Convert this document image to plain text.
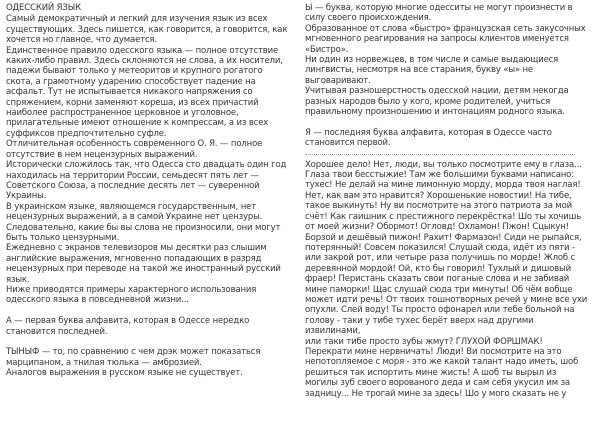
ОДЕССКИЙ ЯЗЫК

Самый демократичный и легкий для изучения язык из всех
существующих. Здесь пишется, как говорится, а говорится, как
хочется но главное, что думается.

Единственное правило одесского языка — полное отсутствие
каких-либо правил. Здесь склоняются не слова, а их носители,
падежи бывают только у метеоритов и крупного рогатого
скота, а грамотному ударению способствует падение на
асфальт. Тут не испытывается никакого напряжения со
спряжением, корни заменяют кореша, из всех причастий
наиболее распространенное церковное и уголовное,
прилагательные имеют отношение к компрессам, а из всех
суффиксов предпочтительно суфле.

Отличительная особенность современного О. Я. — полное
отсутствие в нем нецензурных выражений.

Исторически сложилось так, что Одесса сто двадцать один год
находилась на территории России, семьдесят пять лет —
Советского Союза, а последние десять лет — суверенной
Украины.

В украинском языке, являющемся государственным, нет
нецензурных выражений, а в самой Украине нет цензуры.
Следовательно, какие бы вы слова не произносили, они могут
быть только цензурными.

Ежедневно с экранов телевизоров мы десятки раз слышим
английские выражения, мгновенно попадающих в разряд
нецензурных при переводе на такой же иностранный русский
язык.

Ниже приводятся примеры характерного использования
одесского языка в повседневной жизни...

А — первая буква алфавита, которая в Одессе нередко
становится последней.

ТЫНЫФ — то, по сравнению с чем дрэк может показаться
марципаном, а тнилая тюлька — амброзией.

Аналогов выражения в русском языке не существует.

Ы — буква, которую многие одесситы не могут произнести в
силу своего происхождения.

Образованное от слова «быстро» французская сеть закусочных
мгновенного реагирования на запросы клиентов именуется
«Бистро».

Ни один из норвежцев, в том числе и самые выдающиеся
лингвисты, несмотря на все старания, букву «ы» не
выговаривают.

Учитывая разношерстность одесской нации, детям некогда
разных народов было у кого, кроме родителей, учиться
правильному произношению и интонациям родного языка.

Я — последняя буква алфавита, которая в Одессе часто
становится первой.

Хорошее дело! Нет, люди, вы только посмотрите ему в глаза...
Глаза твои бесстыжие! Там же большими буквами написано:
тухес! Не делай на мине лимонную морду, морда твоя наглая!
Нет, как вам это нравится? Хорошенькие новостии! На тибе,
такое выкинуть! Ну ви посмотрите на этого патриота за мой
счёт! Как гаишник с престижного перекрёстка! Шо ты хочишь
от моей жизни? Обормот! Огловд! Охламон! Пжон! Сцыкун!
Борзой и дешёвый пижон! Рахит! Фармазон! Сиди не рыпайся,
потерянный! Совсем показился! Слушай сюда, идёт из пяти -
или закрой рот, или четыре раза получишь по морде! Жлоб с
деревянной мордой! Ой, кто бы говорил! Тухлый и дишовый
фраер! Перистань сказать свои поганые слова и не забивай
мине паморки! Щас слушай сюда три минуты! Об чём вобще
может идти речь! От твоих тошнотворных речей у мине все ухи
опухли. Слей воду! Ты просто офонарел или тебе больной на
голову - таки у тибе тухес берёт вверх над другими извилинами,
или таки тибе просто зубы жмут? ГЛУХОЙ ФОРШМАК!
Перекрати мине нервничать! Люди! Ви посмотрите на это
непотопляемое с моря - это же какой талант надо иметь, шоб
решиться так испортить мине жисть! А шоб ты вырыл из
могилы зуб своего ворованого деда и сам себя укусил им за
задницу... Не трогай мине за здесь! Шо у мого сказать не у
